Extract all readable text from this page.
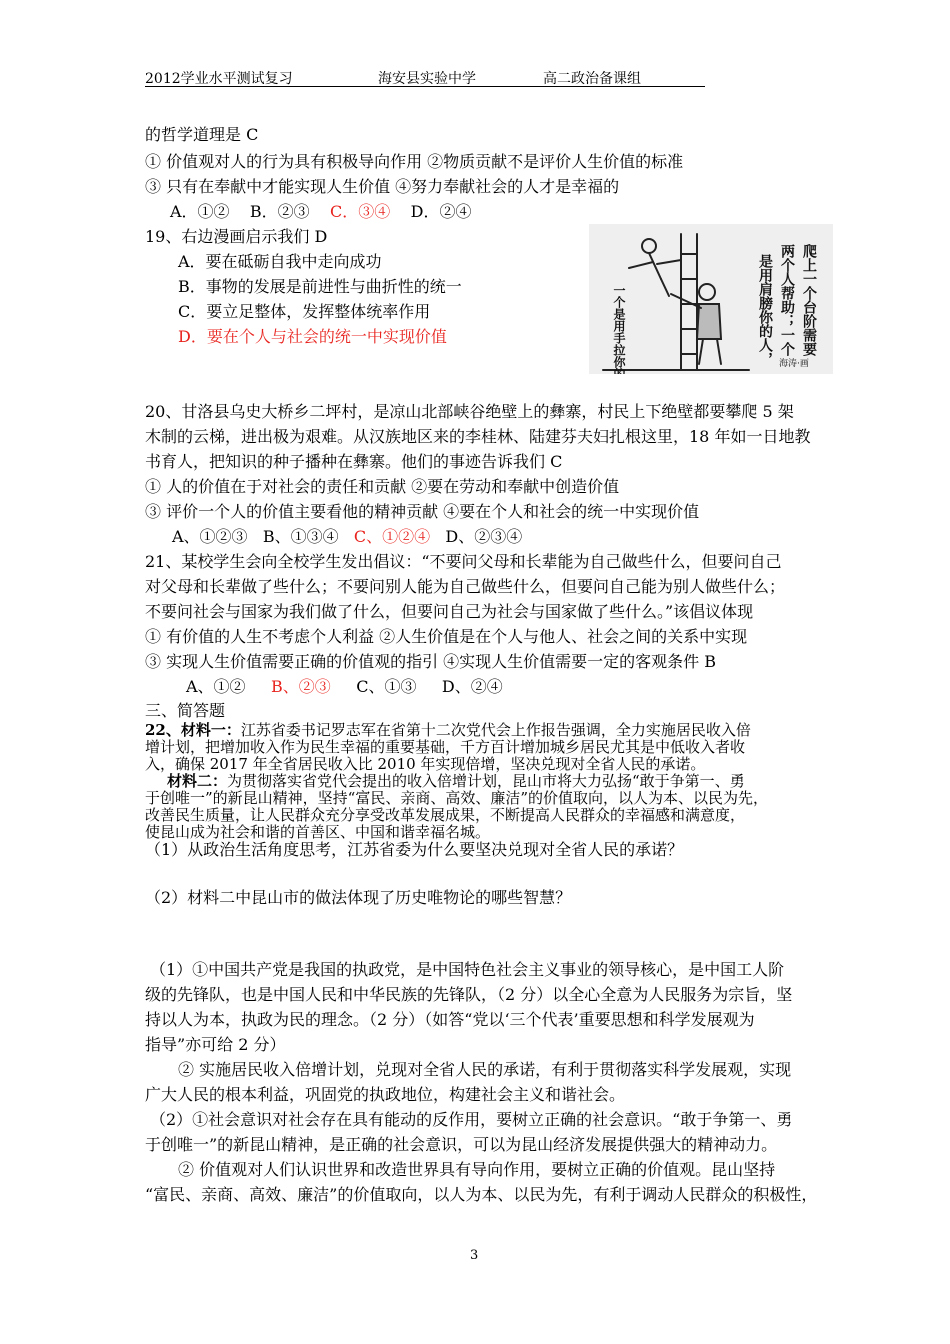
2012学业水平测试复习	海安县实验中学	高二政治备课组
的哲学道理是 C
① 价值观对人的行为具有积极导向作用 ②物质贡献不是评价人生价值的标准
③ 只有在奉献中才能实现人生价值 ④努力奉献社会的人才是幸福的
A．①② B．②③ C．③④ D．②④
19、右边漫画启示我们 D
A．要在砥砺自我中走向成功
B．事物的发展是前进性与曲折性的统一
C．要立足整体，发挥整体统率作用
D．要在个人与社会的统一中实现价值	爬上一个台阶需要
两个人帮助；一个
是用肩膀你的人，
一个是用手拉你的人	海涛·画
20、甘洛县乌史大桥乡二坪村，是凉山北部峡谷绝壁上的彝寨，村民上下绝壁都要攀爬 5 架
木制的云梯，进出极为艰难。从汉族地区来的李桂林、陆建芬夫妇扎根这里，18 年如一日地教
书育人，把知识的种子播种在彝寨。他们的事迹告诉我们 C
① 人的价值在于对社会的责任和贡献 ②要在劳动和奉献中创造价值
③ 评价一个人的价值主要看他的精神贡献 ④要在个人和社会的统一中实现价值
A、①②③ B、①③④ C、①②④ D、②③④
21、某校学生会向全校学生发出倡议：“不要问父母和长辈能为自己做些什么，但要问自己
对父母和长辈做了些什么；不要问别人能为自己做些什么，但要问自己能为别人做些什么；
不要问社会与国家为我们做了什么，但要问自己为社会与国家做了些什么。”该倡议体现
① 有价值的人生不考虑个人利益 ②人生价值是在个人与他人、社会之间的关系中实现
③ 实现人生价值需要正确的价值观的指引 ④实现人生价值需要一定的客观条件 B
A、①② B、②③ C、①③ D、②④
三、简答题
22、材料一：江苏省委书记罗志军在省第十二次党代会上作报告强调，全力实施居民收入倍
增计划，把增加收入作为民生幸福的重要基础，千方百计增加城乡居民尤其是中低收入者收
入，确保 2017 年全省居民收入比 2010 年实现倍增，坚决兑现对全省人民的承诺。
材料二：为贯彻落实省党代会提出的收入倍增计划，昆山市将大力弘扬“敢于争第一、勇
于创唯一”的新昆山精神，坚持“富民、亲商、高效、廉洁”的价值取向，以人为本、以民为先，
改善民生质量，让人民群众充分享受改革发展成果，不断提高人民群众的幸福感和满意度，
使昆山成为社会和谐的首善区、中国和谐幸福名城。
（1）从政治生活角度思考，江苏省委为什么要坚决兑现对全省人民的承诺？
（2）材料二中昆山市的做法体现了历史唯物论的哪些智慧？
（1）①中国共产党是我国的执政党，是中国特色社会主义事业的领导核心，是中国工人阶
级的先锋队，也是中国人民和中华民族的先锋队，（2 分）以全心全意为人民服务为宗旨，坚
持以人为本，执政为民的理念。（2 分）（如答“党以‘三个代表’重要思想和科学发展观为
指导”亦可给 2 分）
② 实施居民收入倍增计划，兑现对全省人民的承诺，有利于贯彻落实科学发展观，实现
广大人民的根本利益，巩固党的执政地位，构建社会主义和谐社会。
（2）①社会意识对社会存在具有能动的反作用，要树立正确的社会意识。“敢于争第一、勇
于创唯一”的新昆山精神，是正确的社会意识，可以为昆山经济发展提供强大的精神动力。
② 价值观对人们认识世界和改造世界具有导向作用，要树立正确的价值观。昆山坚持
“富民、亲商、高效、廉洁”的价值取向，以人为本、以民为先，有利于调动人民群众的积极性，
3
